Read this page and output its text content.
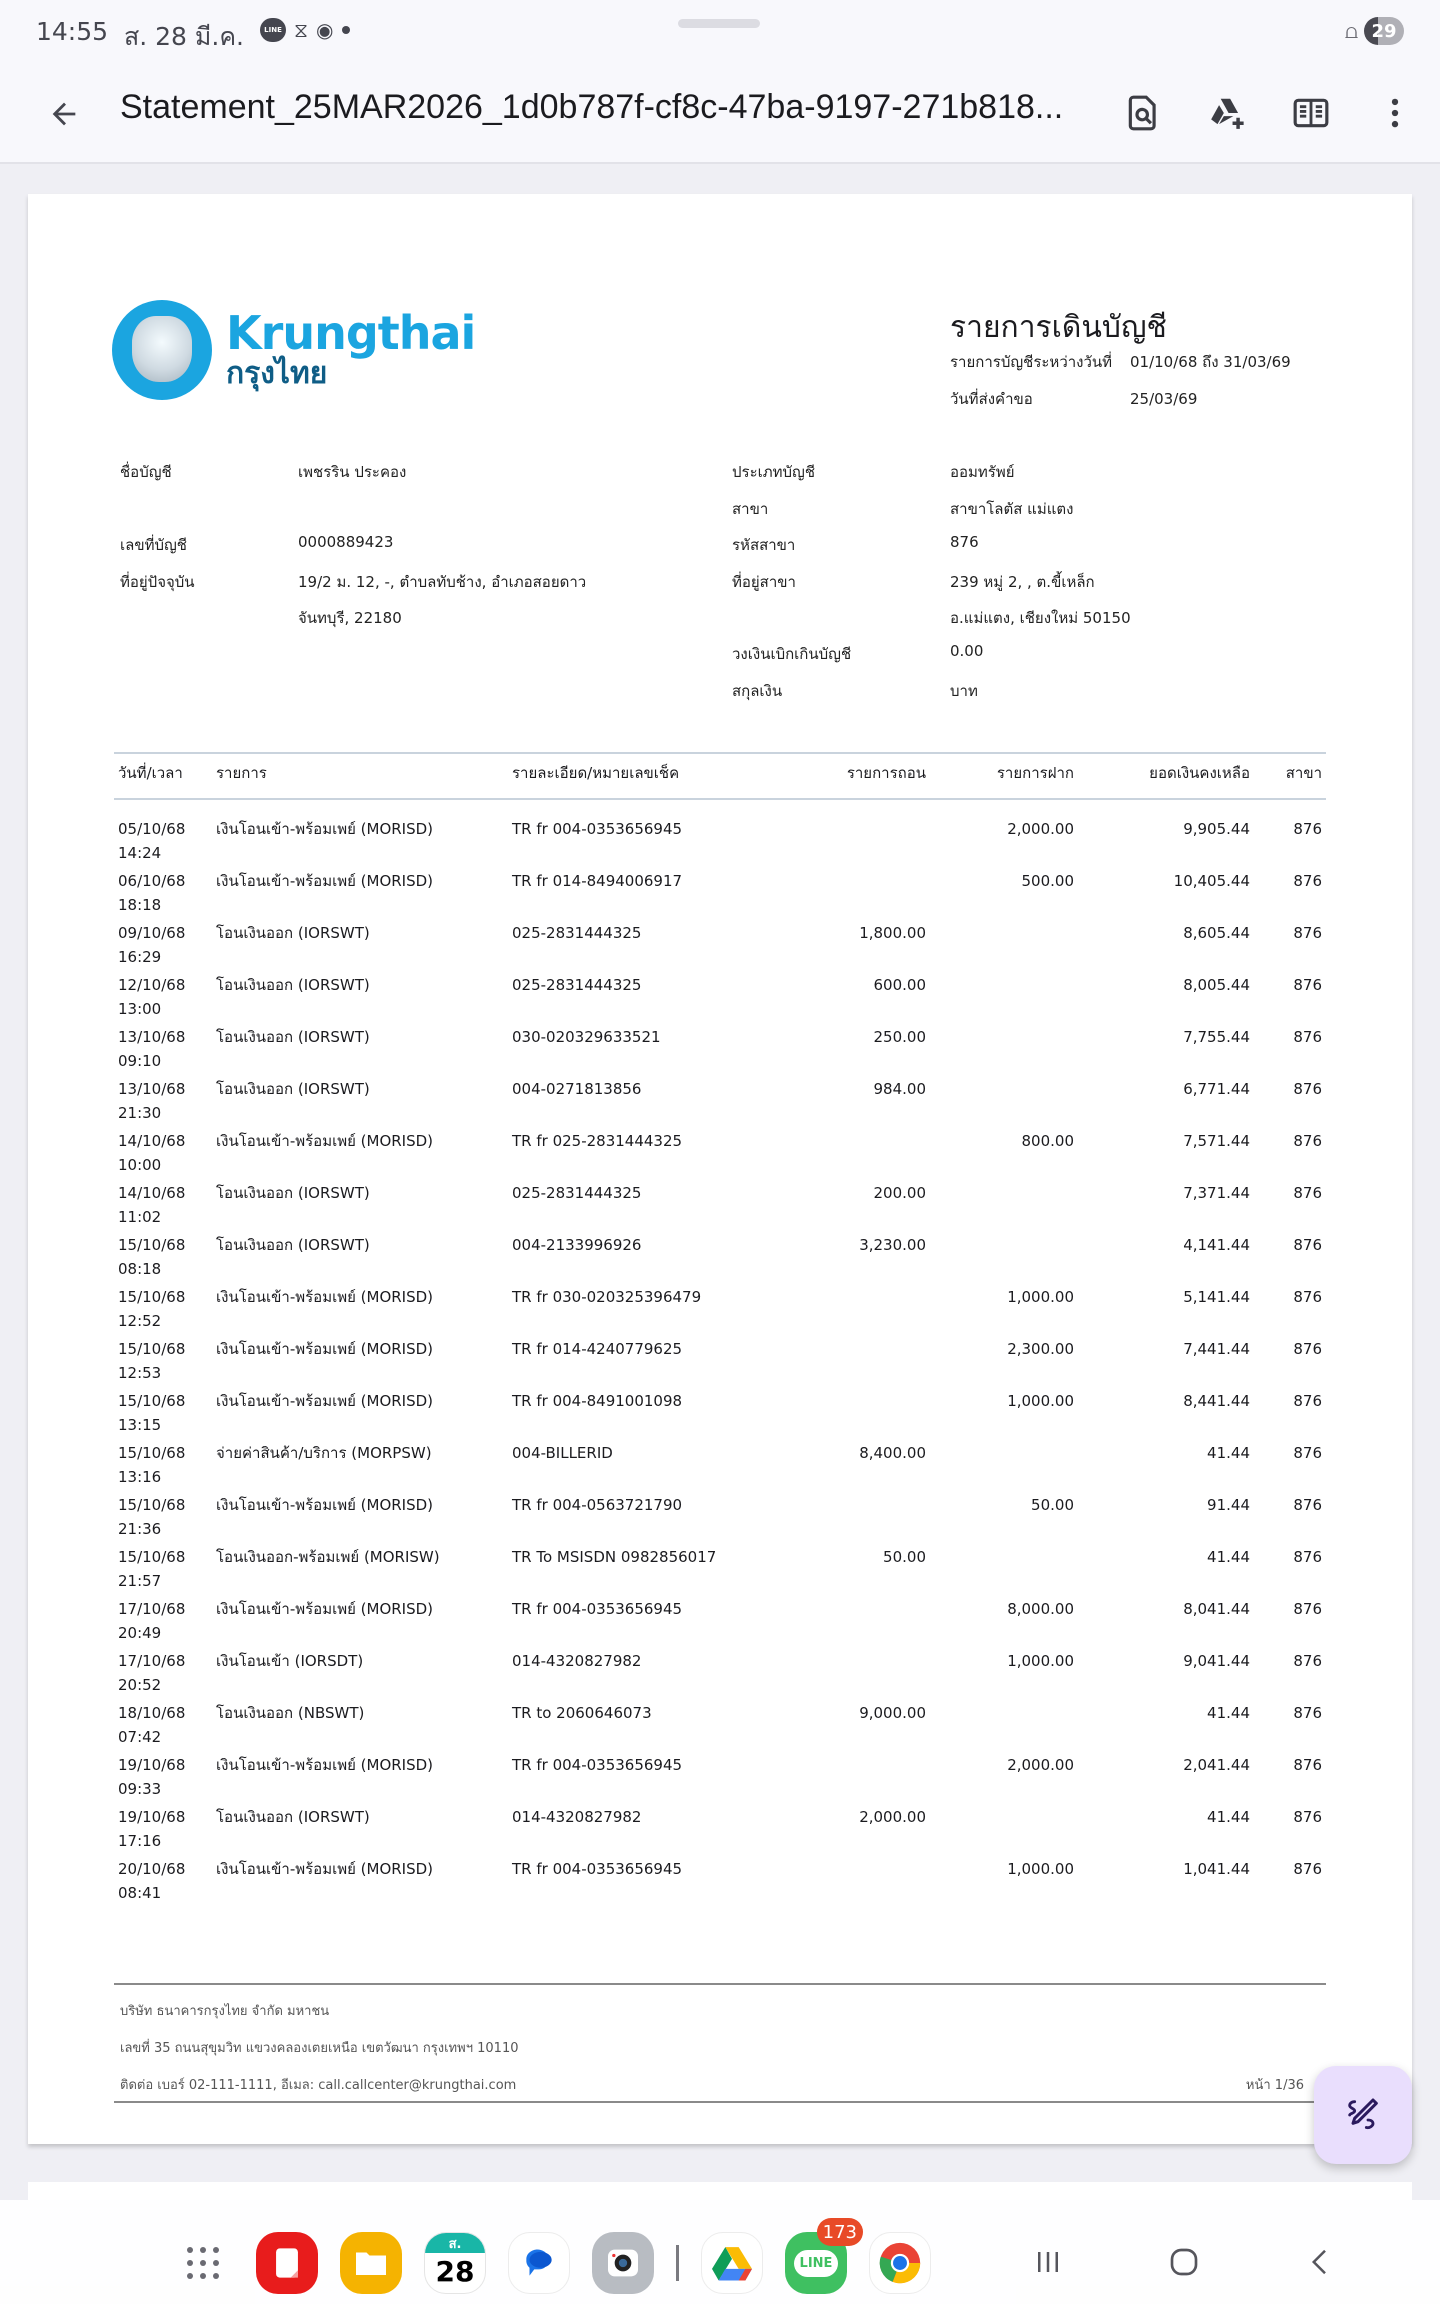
14:55 ส. 28 มี.ค.	LINE ⧖ ◉	⩍ 29
Statement_25MAR2026_1d0b787f-cf8c-47ba-9197-271b818...
Krungthai
กรุงไทย
รายการเดินบัญชี
รายการบัญชีระหว่างวันที่ 01/10/68 ถึง 31/03/69
วันที่ส่งคำขอ	25/03/69
ชื่อบัญชี	เพชรริน ประคอง
เลขที่บัญชี	0000889423
ที่อยู่ปัจจุบัน	19/2 ม. 12, -, ตำบลทับช้าง, อำเภอสอยดาว
จันทบุรี, 22180
ประเภทบัญชี	ออมทรัพย์
สาขา	สาขาโลตัส แม่แตง
รหัสสาขา	876
ที่อยู่สาขา	239 หมู่ 2, , ต.ขี้เหล็ก
อ.แม่แตง, เชียงใหม่ 50150
วงเงินเบิกเกินบัญชี	0.00
สกุลเงิน	บาท
วันที่/เวลา	รายการ	รายละเอียด/หมายเลขเช็ค	รายการถอน	รายการฝาก	ยอดเงินคงเหลือ	สาขา

05/10/68	เงินโอนเข้า-พร้อมเพย์ (MORISD)	TR fr 004-0353656945		2,000.00	9,905.44	876
14:24						
06/10/68	เงินโอนเข้า-พร้อมเพย์ (MORISD)	TR fr 014-8494006917		500.00	10,405.44	876
18:18						
09/10/68	โอนเงินออก (IORSWT)	025-2831444325	1,800.00		8,605.44	876
16:29						
12/10/68	โอนเงินออก (IORSWT)	025-2831444325	600.00		8,005.44	876
13:00						
13/10/68	โอนเงินออก (IORSWT)	030-020329633521	250.00		7,755.44	876
09:10						
13/10/68	โอนเงินออก (IORSWT)	004-0271813856	984.00		6,771.44	876
21:30						
14/10/68	เงินโอนเข้า-พร้อมเพย์ (MORISD)	TR fr 025-2831444325		800.00	7,571.44	876
10:00						
14/10/68	โอนเงินออก (IORSWT)	025-2831444325	200.00		7,371.44	876
11:02						
15/10/68	โอนเงินออก (IORSWT)	004-2133996926	3,230.00		4,141.44	876
08:18						
15/10/68	เงินโอนเข้า-พร้อมเพย์ (MORISD)	TR fr 030-020325396479		1,000.00	5,141.44	876
12:52						
15/10/68	เงินโอนเข้า-พร้อมเพย์ (MORISD)	TR fr 014-4240779625		2,300.00	7,441.44	876
12:53						
15/10/68	เงินโอนเข้า-พร้อมเพย์ (MORISD)	TR fr 004-8491001098		1,000.00	8,441.44	876
13:15						
15/10/68	จ่ายค่าสินค้า/บริการ (MORPSW)	004-BILLERID	8,400.00		41.44	876
13:16						
15/10/68	เงินโอนเข้า-พร้อมเพย์ (MORISD)	TR fr 004-0563721790		50.00	91.44	876
21:36						
15/10/68	โอนเงินออก-พร้อมเพย์ (MORISW)	TR To MSISDN 0982856017	50.00		41.44	876
21:57						
17/10/68	เงินโอนเข้า-พร้อมเพย์ (MORISD)	TR fr 004-0353656945		8,000.00	8,041.44	876
20:49						
17/10/68	เงินโอนเข้า (IORSDT)	014-4320827982		1,000.00	9,041.44	876
20:52						
18/10/68	โอนเงินออก (NBSWT)	TR to 2060646073	9,000.00		41.44	876
07:42						
19/10/68	เงินโอนเข้า-พร้อมเพย์ (MORISD)	TR fr 004-0353656945		2,000.00	2,041.44	876
09:33						
19/10/68	โอนเงินออก (IORSWT)	014-4320827982	2,000.00		41.44	876
17:16						
20/10/68	เงินโอนเข้า-พร้อมเพย์ (MORISD)	TR fr 004-0353656945		1,000.00	1,041.44	876
08:41						
บริษัท ธนาคารกรุงไทย จำกัด มหาชน
เลขที่ 35 ถนนสุขุมวิท แขวงคลองเตยเหนือ เขตวัฒนา กรุงเทพฯ 10110
ติดต่อ เบอร์ 02-111-1111, อีเมล: call.callcenter@krungthai.com	หน้า 1/36
ส.
28	LINE
173
